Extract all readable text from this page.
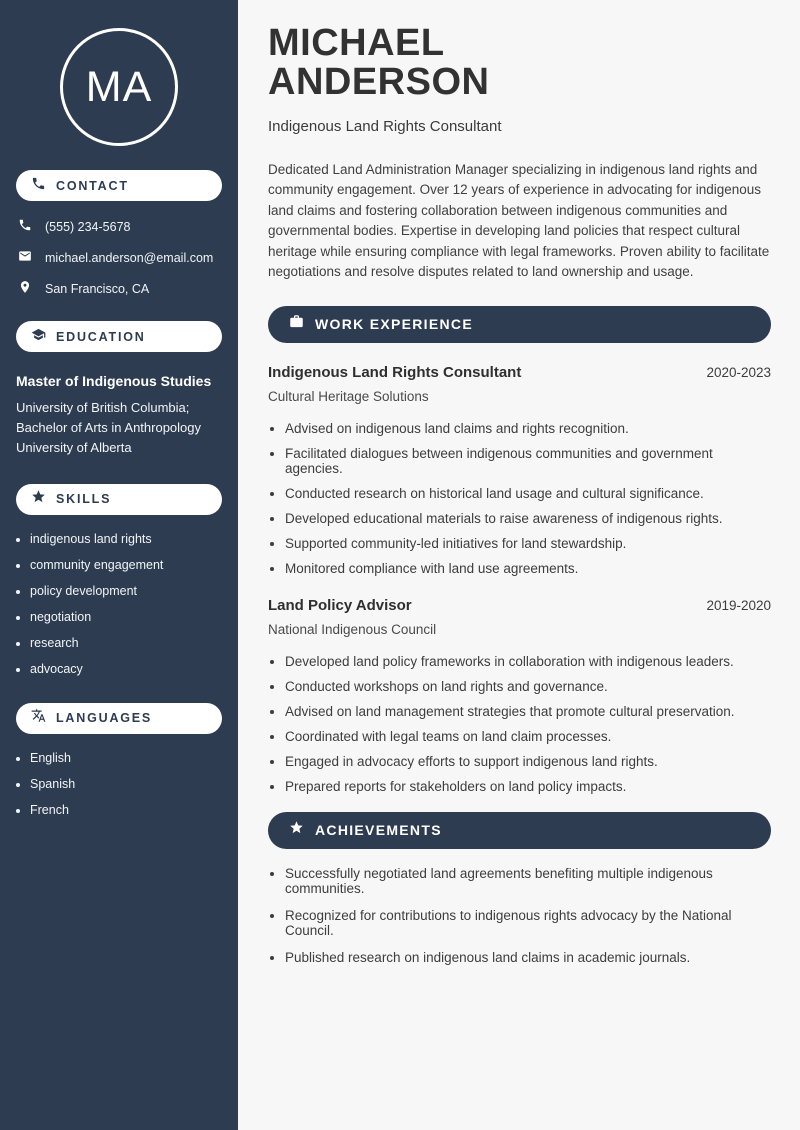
MA
CONTACT
(555) 234-5678
michael.anderson@email.com
San Francisco, CA
EDUCATION
Master of Indigenous Studies
University of British Columbia;
Bachelor of Arts in Anthropology
University of Alberta
SKILLS
• indigenous land rights
• community engagement
• policy development
• negotiation
• research
• advocacy
LANGUAGES
• English
• Spanish
• French
MICHAEL
ANDERSON
Indigenous Land Rights Consultant

Dedicated Land Administration Manager specializing in indigenous land rights and community engagement. Over 12 years of experience in advocating for indigenous land claims and fostering collaboration between indigenous communities and governmental bodies. Expertise in developing land policies that respect cultural heritage while ensuring compliance with legal frameworks. Proven ability to facilitate negotiations and resolve disputes related to land ownership and usage.

WORK EXPERIENCE
Indigenous Land Rights Consultant	2020-2023
Cultural Heritage Solutions
• Advised on indigenous land claims and rights recognition.
• Facilitated dialogues between indigenous communities and government agencies.
• Conducted research on historical land usage and cultural significance.
• Developed educational materials to raise awareness of indigenous rights.
• Supported community-led initiatives for land stewardship.
• Monitored compliance with land use agreements.
Land Policy Advisor	2019-2020
National Indigenous Council
• Developed land policy frameworks in collaboration with indigenous leaders.
• Conducted workshops on land rights and governance.
• Advised on land management strategies that promote cultural preservation.
• Coordinated with legal teams on land claim processes.
• Engaged in advocacy efforts to support indigenous land rights.
• Prepared reports for stakeholders on land policy impacts.
ACHIEVEMENTS
• Successfully negotiated land agreements benefiting multiple indigenous communities.
• Recognized for contributions to indigenous rights advocacy by the National Council.
• Published research on indigenous land claims in academic journals.
